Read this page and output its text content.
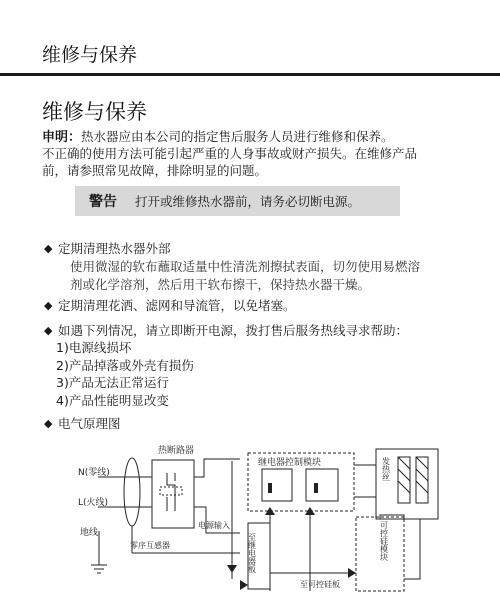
维修与保养
维修与保养
申明：热水器应由本公司的指定售后服务人员进行维修和保养。
不正确的使用方法可能引起严重的人身事故或财产损失。在维修产品
前，请参照常见故障，排除明显的问题。
警告 打开或维修热水器前，请务必切断电源。
◆ 定期清理热水器外部
使用微湿的软布蘸取适量中性清洗剂擦拭表面，切勿使用易燃溶
剂或化学溶剂，然后用干软布擦干，保持热水器干燥。
◆ 定期清理花洒、滤网和导流管，以免堵塞。
◆ 如遇下列情况，请立即断开电源，拨打售后服务热线寻求帮助：
1)电源线损坏
2)产品掉落或外壳有损伤
3)产品无法正常运行
4)产品性能明显改变
◆ 电气原理图
热断路器
N(零线)
L(火线)
地线
零序互感器
电源输入
继电器控制模块
至可控硅板
至继电器板
发热丝
可控硅模块
